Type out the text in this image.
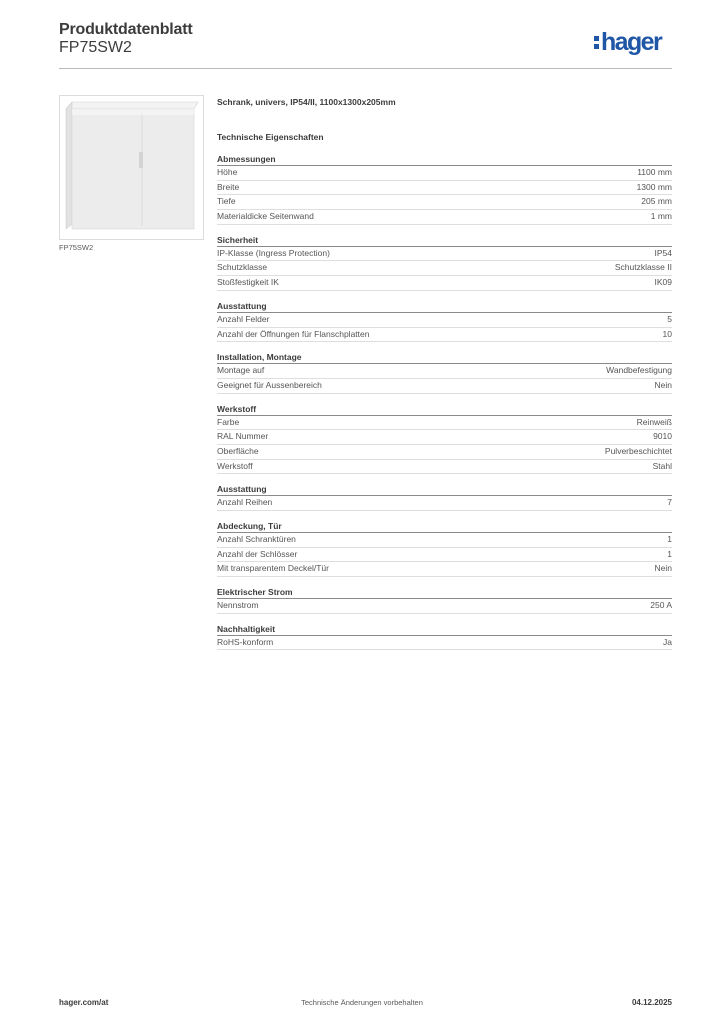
Produktdatenblatt
FP75SW2	hager
FP75SW2
Schrank, univers, IP54/II, 1100x1300x205mm
Technische Eigenschaften
Abmessungen
Höhe	1100 mm
Breite	1300 mm
Tiefe	205 mm
Materialdicke Seitenwand	1 mm
Sicherheit
IP-Klasse (Ingress Protection)	IP54
Schutzklasse	Schutzklasse II
Stoßfestigkeit IK	IK09
Ausstattung
Anzahl Felder	5
Anzahl der Öffnungen für Flanschplatten	10
Installation, Montage
Montage auf	Wandbefestigung
Geeignet für Aussenbereich	Nein
Werkstoff
Farbe	Reinweiß
RAL Nummer	9010
Oberfläche	Pulverbeschichtet
Werkstoff	Stahl
Ausstattung
Anzahl Reihen	7
Abdeckung, Tür
Anzahl Schranktüren	1
Anzahl der Schlösser	1
Mit transparentem Deckel/Tür	Nein
Elektrischer Strom
Nennstrom	250 A
Nachhaltigkeit
RoHS-konform	Ja
hager.com/at	Technische Änderungen vorbehalten	04.12.2025
